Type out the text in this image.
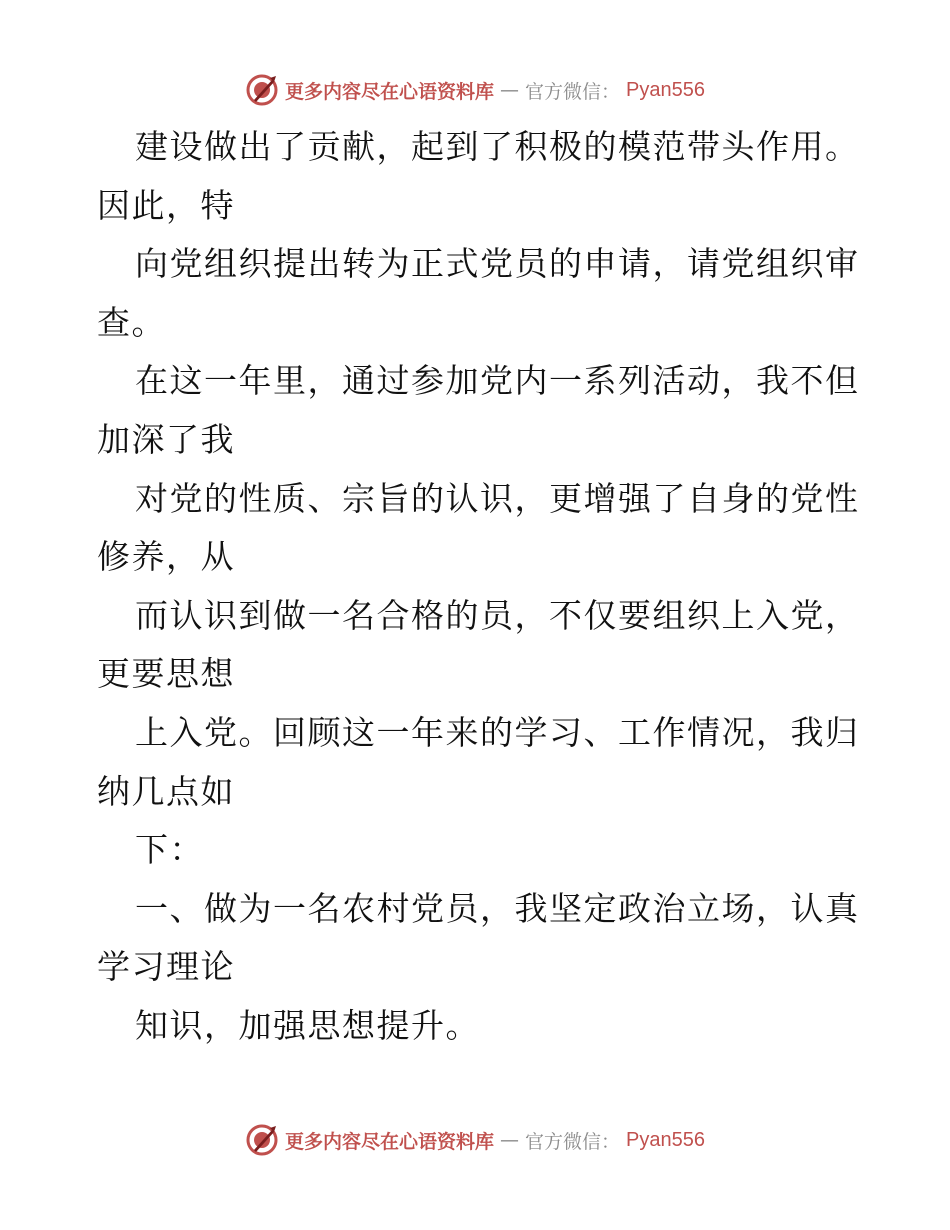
更多内容尽在心语资料库 — 官方微信： Pyan556
建设做出了贡献，起到了积极的模范带头作用。
因此，特
向党组织提出转为正式党员的申请，请党组织审
查。
在这一年里，通过参加党内一系列活动，我不但
加深了我
对党的性质、宗旨的认识，更增强了自身的党性
修养，从
而认识到做一名合格的员，不仅要组织上入党，
更要思想
上入党。回顾这一年来的学习、工作情况，我归
纳几点如
下：
一、做为一名农村党员，我坚定政治立场，认真
学习理论
知识，加强思想提升。
更多内容尽在心语资料库 — 官方微信： Pyan556
